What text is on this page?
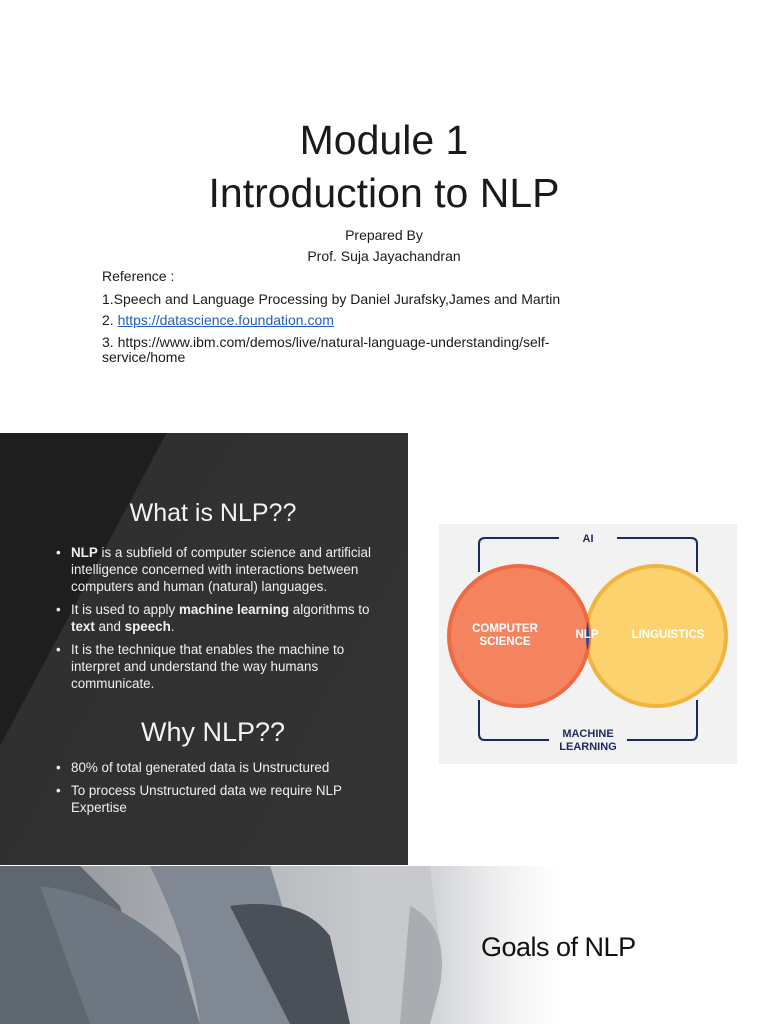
Module 1
Introduction to NLP
Prepared By
Prof. Suja Jayachandran
Reference :
1.Speech and Language Processing by Daniel Jurafsky,James and Martin
2. https://datascience.foundation.com
3. https://www.ibm.com/demos/live/natural-language-understanding/self-
service/home
What is NLP??
• NLP is a subfield of computer science and artificial intelligence concerned with interactions between computers and human (natural) languages.
• It is used to apply machine learning algorithms to text and speech.
• It is the technique that enables the machine to interpret and understand the way humans communicate.
Why NLP??
• 80% of total generated data is Unstructured
• To process Unstructured data we require NLP Expertise
AI
COMPUTER
SCIENCE
NLP	LINGUISTICS
MACHINE
LEARNING
Goals of NLP
